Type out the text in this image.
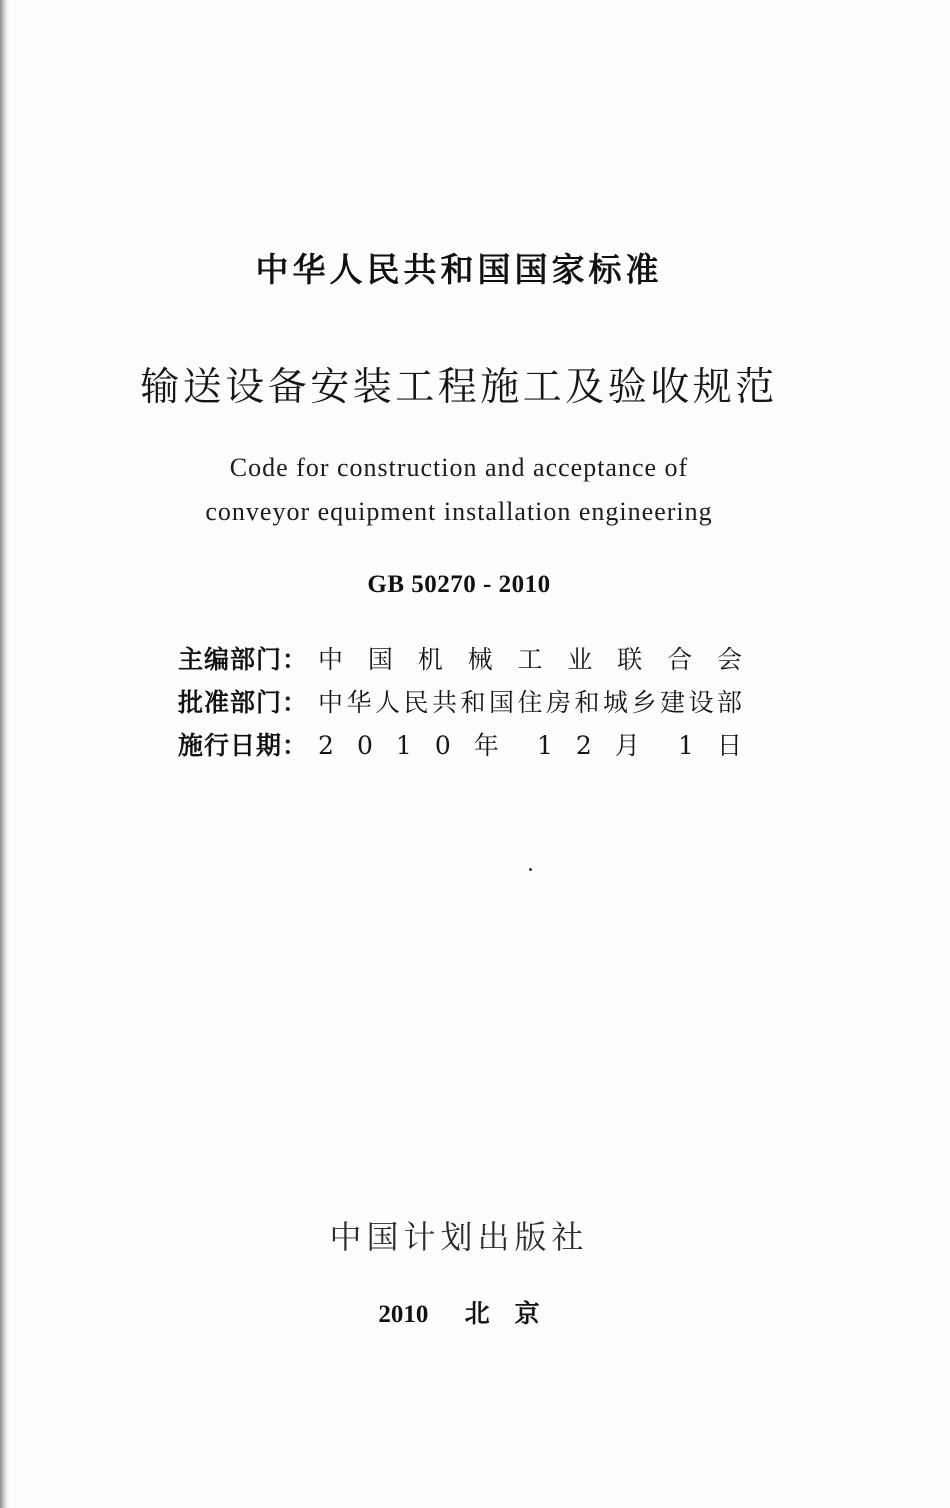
中华人民共和国国家标准
输送设备安装工程施工及验收规范
Code for construction and acceptance of
conveyor equipment installation engineering
GB 50270 - 2010
主编部门： 中 国 机 械 工 业 联 合 会
批准部门： 中华人民共和国住房和城乡建设部
施行日期： 2 0 1 0 年 1 2 月 1 日
中国计划出版社
2010 北    京
